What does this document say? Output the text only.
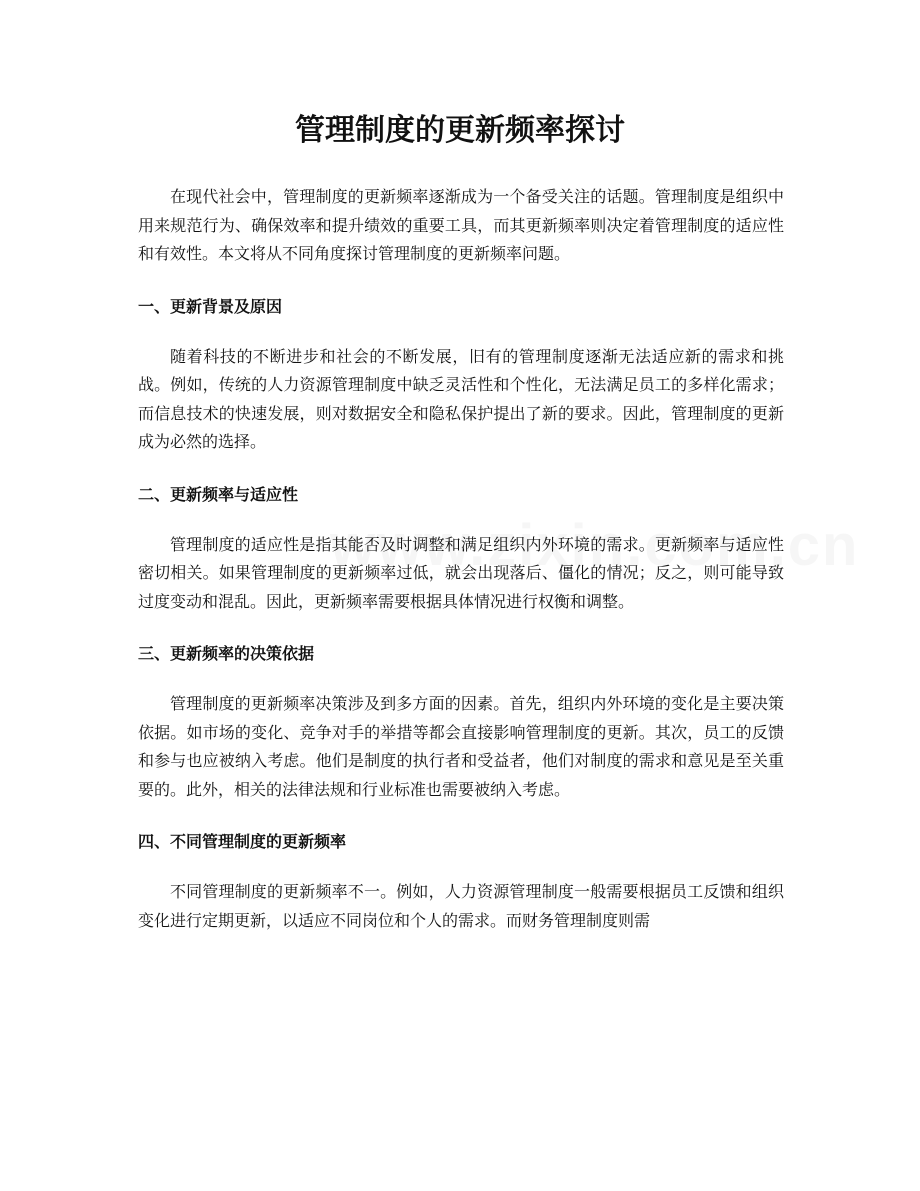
管理制度的更新频率探讨

在现代社会中，管理制度的更新频率逐渐成为一个备受关注的话题。管理制度是组织中用来规范行为、确保效率和提升绩效的重要工具，而其更新频率则决定着管理制度的适应性和有效性。本文将从不同角度探讨管理制度的更新频率问题。

一、更新背景及原因

随着科技的不断进步和社会的不断发展，旧有的管理制度逐渐无法适应新的需求和挑战。例如，传统的人力资源管理制度中缺乏灵活性和个性化，无法满足员工的多样化需求；而信息技术的快速发展，则对数据安全和隐私保护提出了新的要求。因此，管理制度的更新成为必然的选择。

二、更新频率与适应性

管理制度的适应性是指其能否及时调整和满足组织内外环境的需求。更新频率与适应性密切相关。如果管理制度的更新频率过低，就会出现落后、僵化的情况；反之，则可能导致过度变动和混乱。因此，更新频率需要根据具体情况进行权衡和调整。

三、更新频率的决策依据

管理制度的更新频率决策涉及到多方面的因素。首先，组织内外环境的变化是主要决策依据。如市场的变化、竞争对手的举措等都会直接影响管理制度的更新。其次，员工的反馈和参与也应被纳入考虑。他们是制度的执行者和受益者，他们对制度的需求和意见是至关重要的。此外，相关的法律法规和行业标准也需要被纳入考虑。

四、不同管理制度的更新频率

不同管理制度的更新频率不一。例如，人力资源管理制度一般需要根据员工反馈和组织变化进行定期更新，以适应不同岗位和个人的需求。而财务管理制度则需
